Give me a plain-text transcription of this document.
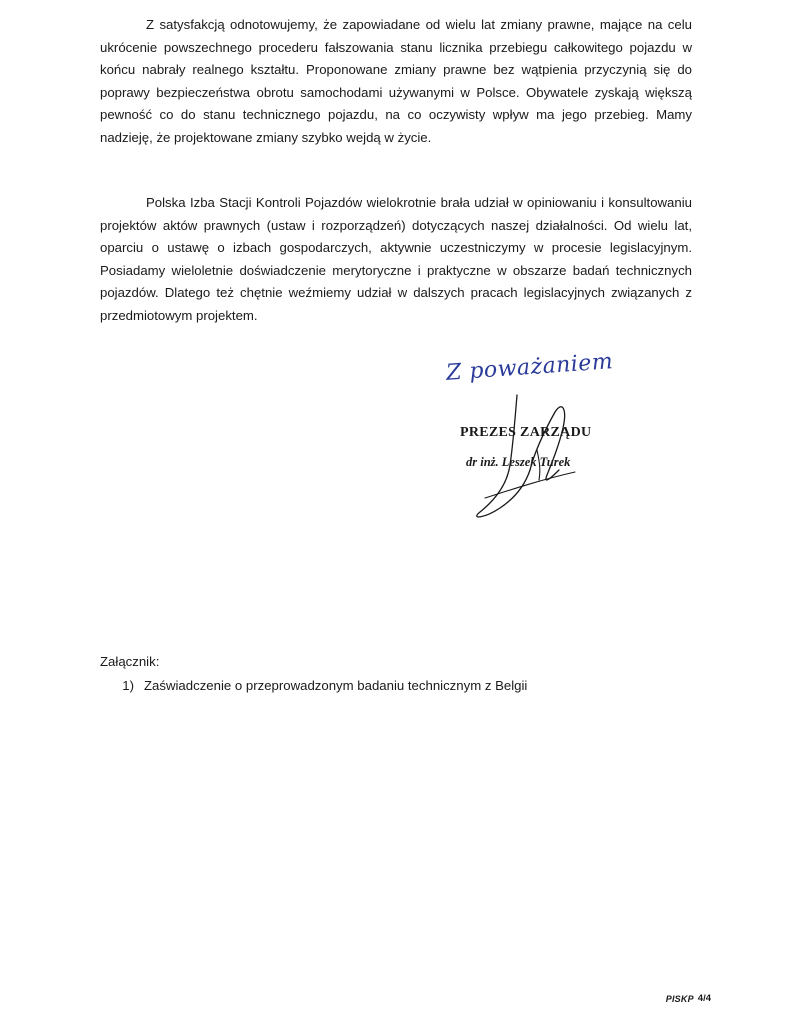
Z satysfakcją odnotowujemy, że zapowiadane od wielu lat zmiany prawne, mające na celu ukrócenie powszechnego procederu fałszowania stanu licznika przebiegu całkowitego pojazdu w końcu nabrały realnego kształtu. Proponowane zmiany prawne bez wątpienia przyczynią się do poprawy bezpieczeństwa obrotu samochodami używanymi w Polsce. Obywatele zyskają większą pewność co do stanu technicznego pojazdu, na co oczywisty wpływ ma jego przebieg. Mamy nadzieję, że projektowane zmiany szybko wejdą w życie.

Polska Izba Stacji Kontroli Pojazdów wielokrotnie brała udział w opiniowaniu i konsultowaniu projektów aktów prawnych (ustaw i rozporządzeń) dotyczących naszej działalności. Od wielu lat, oparciu o ustawę o izbach gospodarczych, aktywnie uczestniczymy w procesie legislacyjnym. Posiadamy wieloletnie doświadczenie merytoryczne i praktyczne w obszarze badań technicznych pojazdów. Dlatego też chętnie weźmiemy udział w dalszych pracach legislacyjnych związanych z przedmiotowym projektem.

Z poważaniem
PREZES ZARZĄDU
dr inż. Leszek Turek
Załącznik:
1) Zaświadczenie o przeprowadzonym badaniu technicznym z Belgii
PISKP 4/4
